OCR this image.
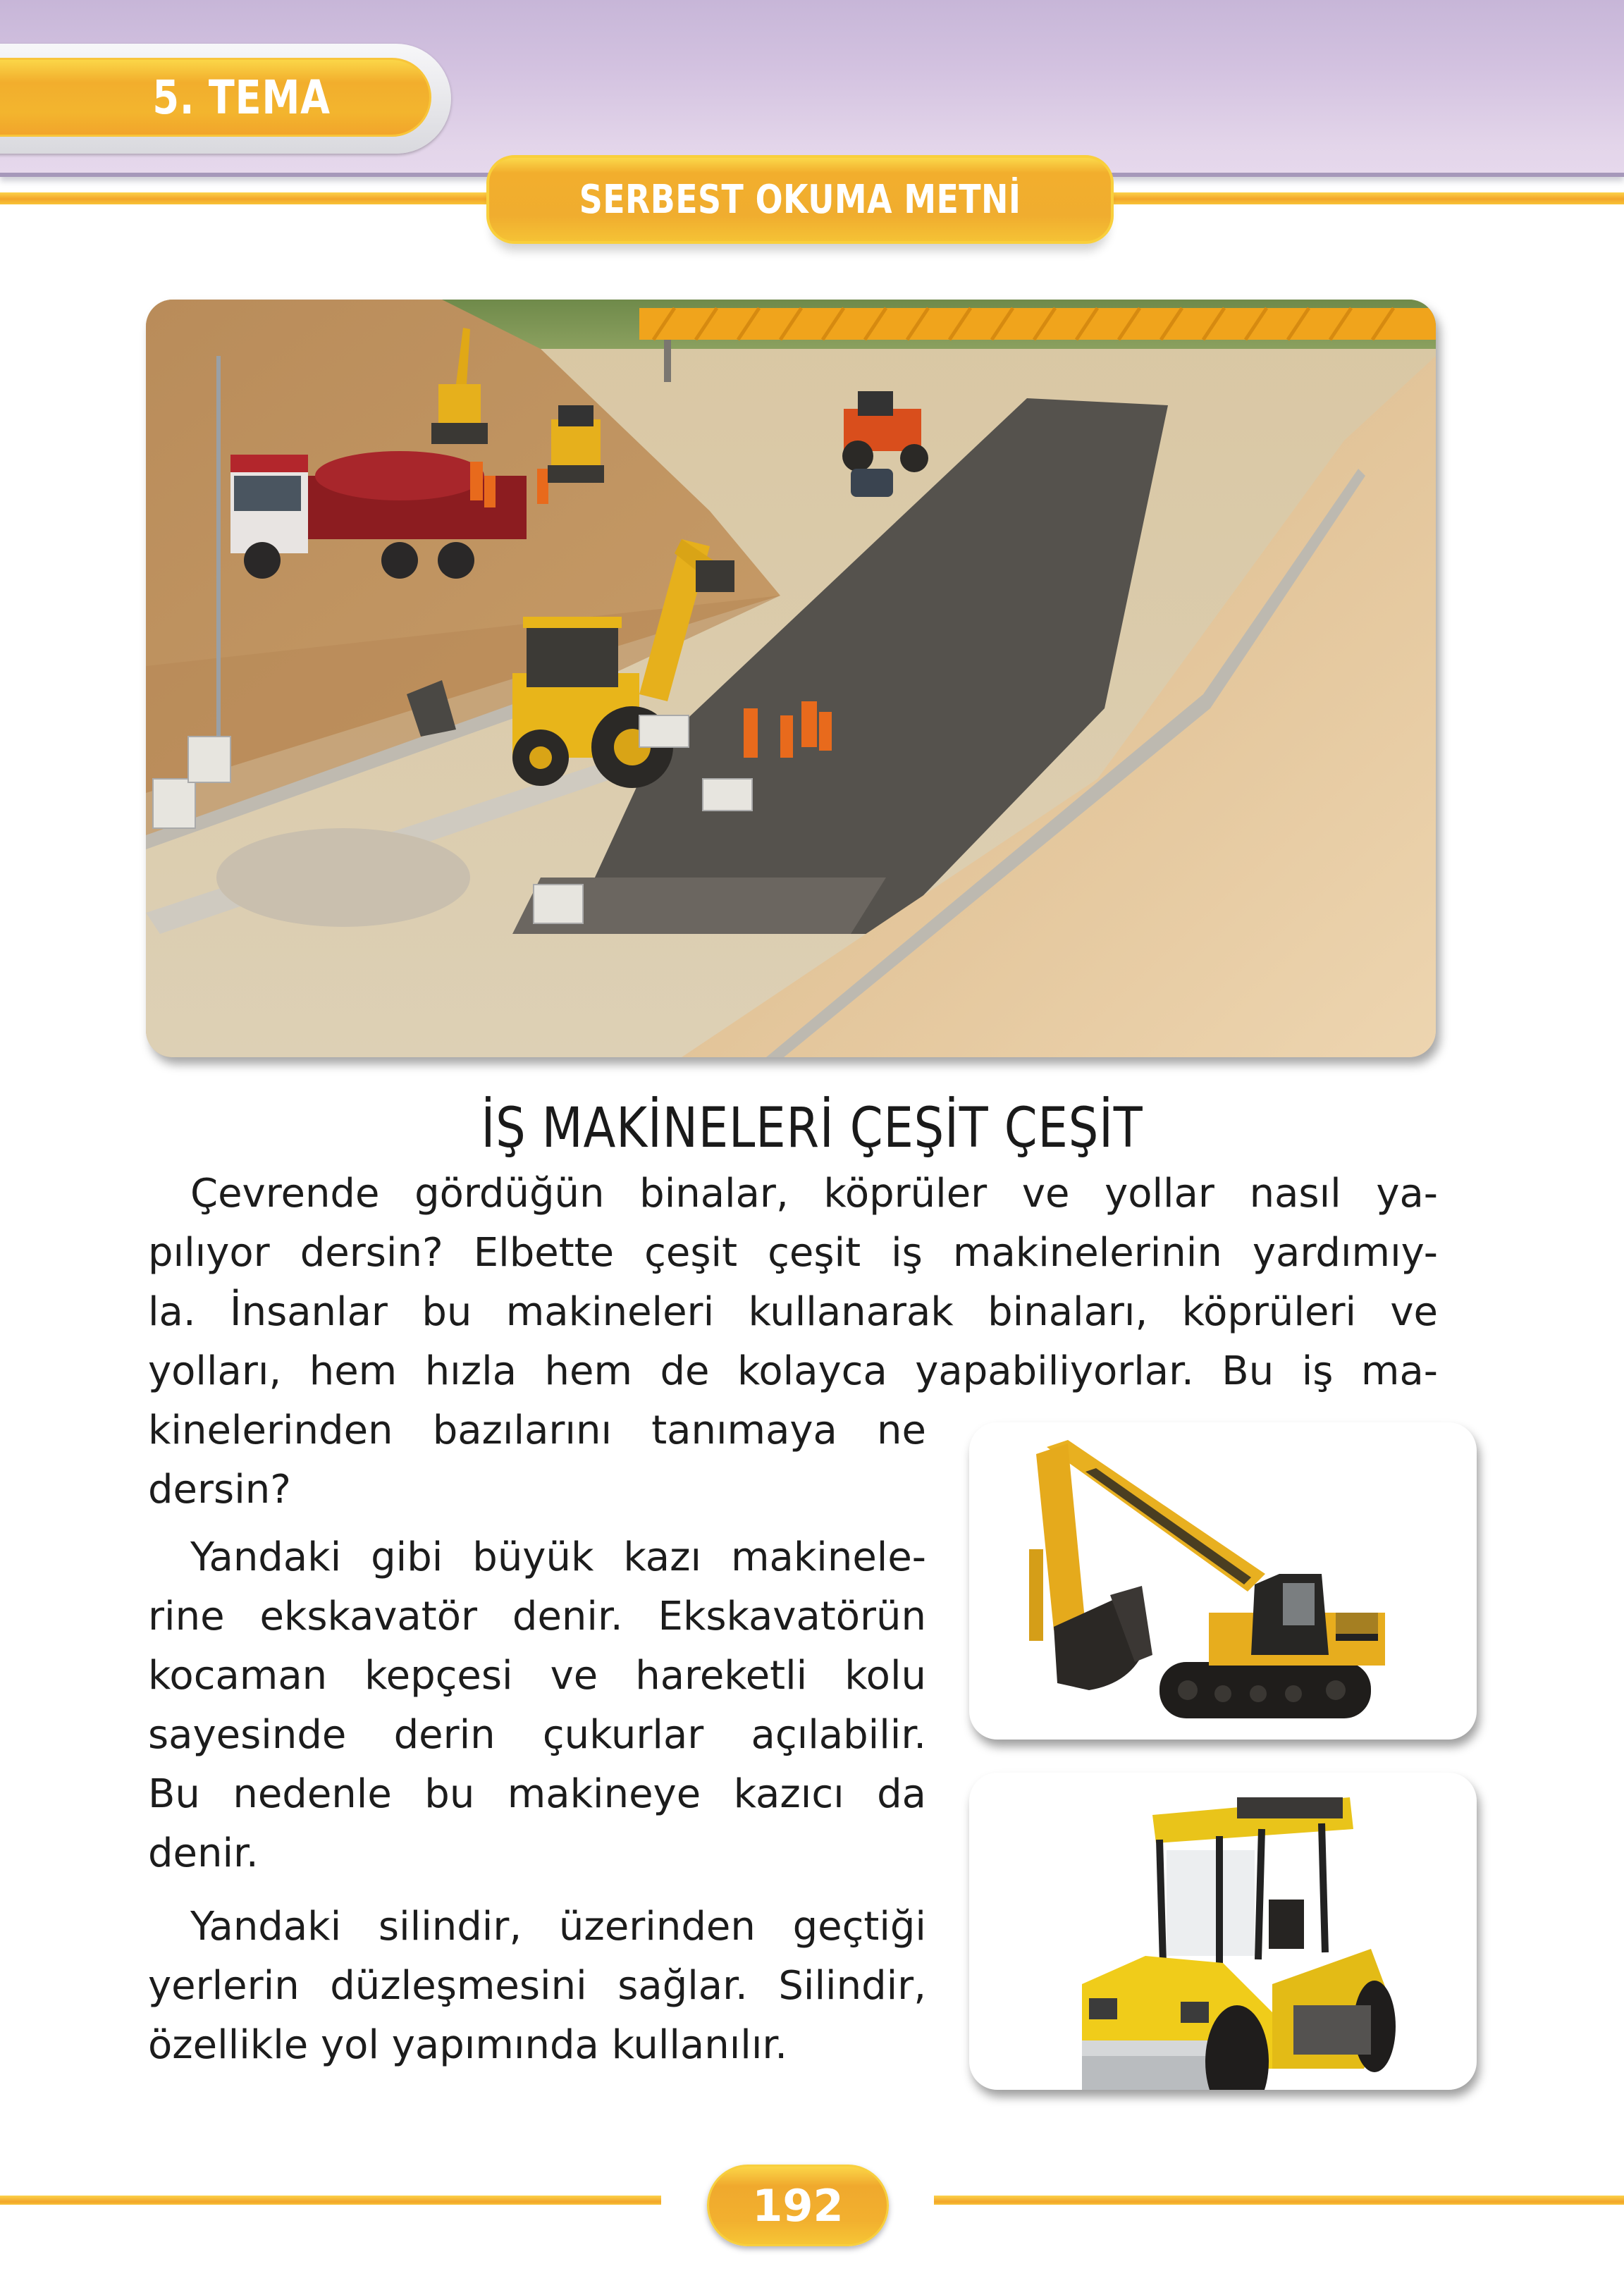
5. TEMA
SERBEST OKUMA METNİ
İŞ MAKİNELERİ ÇEŞİT ÇEŞİT
Çevrende gördüğün binalar, köprüler ve yollar nasıl ya-
pılıyor dersin? Elbette çeşit çeşit iş makinelerinin yardımıy-
la. İnsanlar bu makineleri kullanarak binaları, köprüleri ve
yolları, hem hızla hem de kolayca yapabiliyorlar. Bu iş ma-
kinelerinden bazılarını tanımaya ne
dersin?
Yandaki gibi büyük kazı makinele-
rine ekskavatör denir. Ekskavatörün
kocaman kepçesi ve hareketli kolu
sayesinde derin çukurlar açılabilir.
Bu nedenle bu makineye kazıcı da
denir.
Yandaki silindir, üzerinden geçtiği
yerlerin düzleşmesini sağlar. Silindir,
özellikle yol yapımında kullanılır.
192
